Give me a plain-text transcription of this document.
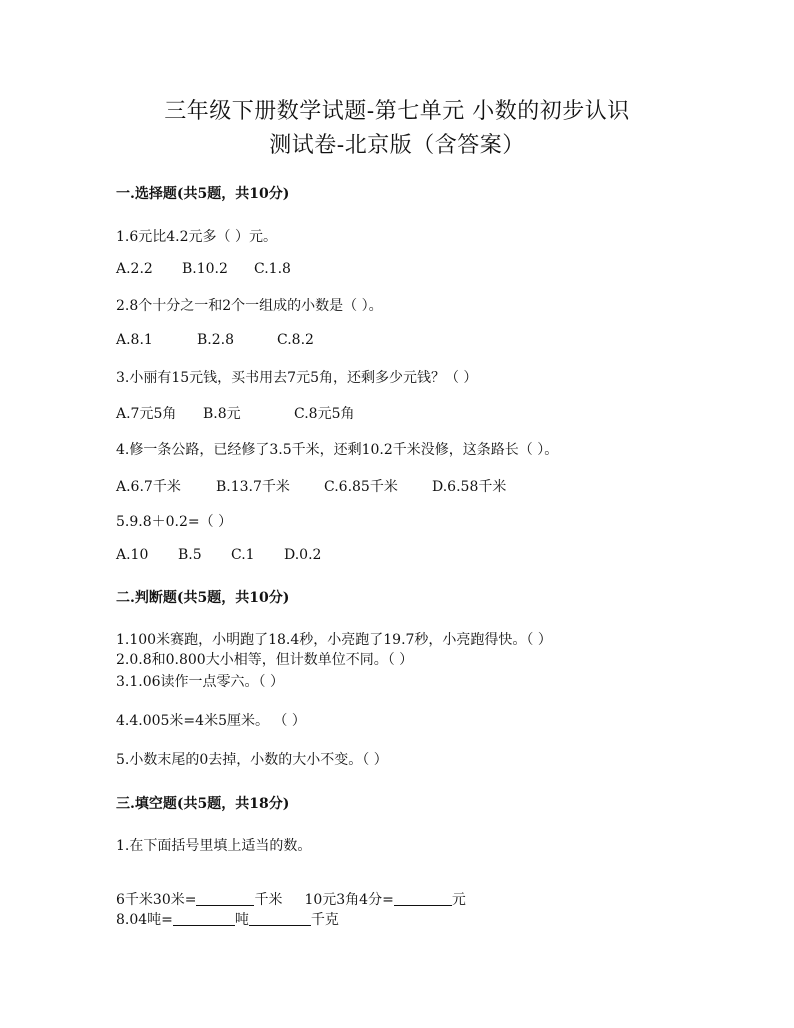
三年级下册数学试题-第七单元 小数的初步认识
测试卷-北京版（含答案）
一.选择题(共5题，共10分)
1.6元比4.2元多（ ）元。
A.2.2 B.10.2 C.1.8
2.8个十分之一和2个一组成的小数是（ ）。
A.8.1	B.2.8	C.8.2
3.小丽有15元钱，买书用去7元5角，还剩多少元钱？（ ）
A.7元5角 B.8元	C.8元5角
4.修一条公路，已经修了3.5千米，还剩10.2千米没修，这条路长（ ）。
A.6.7千米	B.13.7千米 C.6.85千米 D.6.58千米
5.9.8＋0.2=（ ）
A.10 B.5 C.1 D.0.2
二.判断题(共5题，共10分)
1.100米赛跑，小明跑了18.4秒，小亮跑了19.7秒，小亮跑得快。（ ）
2.0.8和0.800大小相等，但计数单位不同。（ ）
3.1.06读作一点零六。（ ）
4.4.005米=4米5厘米。 （ ）
5.小数末尾的0去掉，小数的大小不变。（ ）
三.填空题(共5题，共18分)
1.在下面括号里填上适当的数。
6千米30米=	千米 10元3角4分=	元
8.04吨=	吨	千克
